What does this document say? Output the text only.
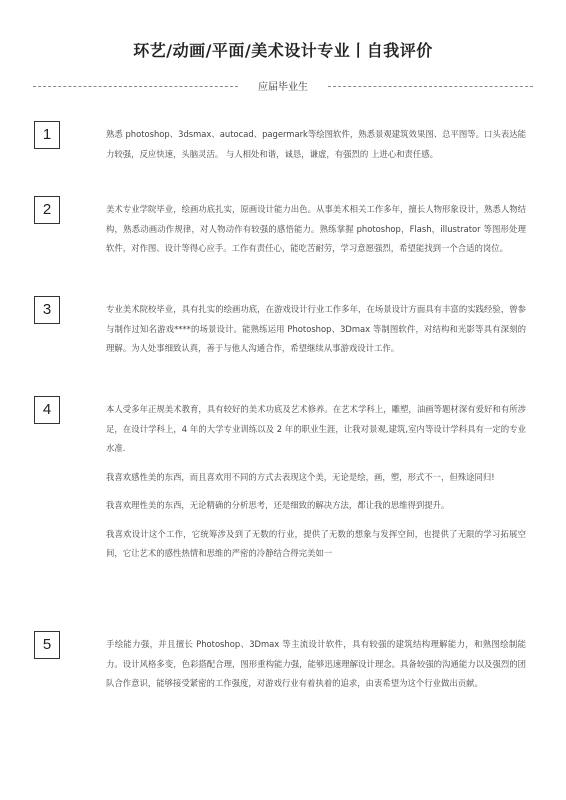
环艺/动画/平面/美术设计专业丨自我评价
应届毕业生
1	熟悉 photoshop、3dsmax、autocad、pagermark等绘图软件，熟悉景观建筑效果图、总平图等。口头表达能力较强，反应快速，头脑灵活。 与人相处和谐，诚恳，谦虚，有强烈的 上进心和责任感。

2	美术专业学院毕业，绘画功底扎实，原画设计能力出色。从事美术相关工作多年，擅长人物形象设计，熟悉人物结构，熟悉动画动作规律，对人物动作有较强的感悟能力。熟练掌握 photoshop，Flash，illustrator 等图形处理软件，对作图、设计等得心应手。工作有责任心，能吃苦耐劳，学习意愿强烈，希望能找到一个合适的岗位。

3	专业美术院校毕业，具有扎实的绘画功底，在游戏设计行业工作多年，在场景设计方面具有丰富的实践经验，曾参与制作过知名游戏****的场景设计。能熟练运用 Photoshop、3Dmax 等制图软件，对结构和光影等具有深刻的理解。为人处事细致认真，善于与他人沟通合作，希望继续从事游戏设计工作。

4	本人受多年正规美术教育，具有较好的美术功底及艺术修养。在艺术学科上，雕塑，油画等题材深有爱好和有所涉足，在设计学科上，4 年的大学专业训练以及 2 年的职业生涯，让我对景观,建筑,室内等设计学科具有一定的专业水准.

我喜欢感性美的东西，而且喜欢用不同的方式去表现这个美，无论是绘，画，塑，形式不一，但殊途同归!

我喜欢理性美的东西，无论精确的分析思考，还是细致的解决方法，都让我的思维得到提升。

我喜欢设计这个工作，它统筹涉及到了无数的行业，提供了无数的想象与发挥空间，也提供了无限的学习拓展空间，它让艺术的感性热情和思维的严密的冷静结合得完美如一

5	手绘能力强，并且擅长 Photoshop、3Dmax 等主流设计软件，具有较强的建筑结构理解能力，和熟图绘制能力。设计风格多变，色彩搭配合理，图形重构能力强，能够迅速理解设计理念。具备较强的沟通能力以及强烈的团队合作意识，能够接受紧密的工作强度，对游戏行业有着执着的追求，由衷希望为这个行业做出贡献。
